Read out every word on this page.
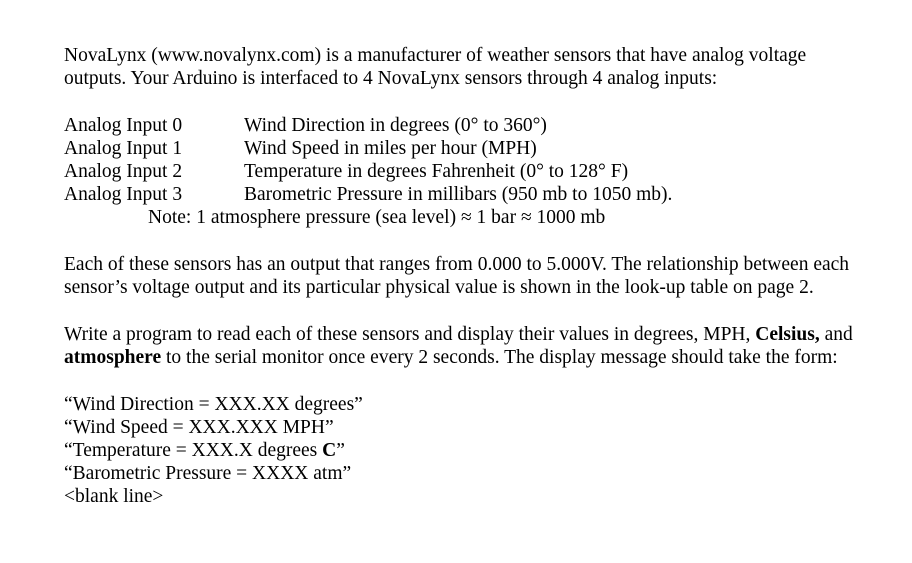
NovaLynx (www.novalynx.com) is a manufacturer of weather sensors that have analog voltage outputs. Your Arduino is interfaced to 4 NovaLynx sensors through 4 analog inputs:

Analog Input 0	Wind Direction in degrees (0° to 360°)
Analog Input 1	Wind Speed in miles per hour (MPH)
Analog Input 2	Temperature in degrees Fahrenheit (0° to 128° F)
Analog Input 3	Barometric Pressure in millibars (950 mb to 1050 mb).
Note: 1 atmosphere pressure (sea level) ≈ 1 bar ≈ 1000 mb

Each of these sensors has an output that ranges from 0.000 to 5.000V. The relationship between each sensor’s voltage output and its particular physical value is shown in the look-up table on page 2.

Write a program to read each of these sensors and display their values in degrees, MPH, Celsius, and atmosphere to the serial monitor once every 2 seconds. The display message should take the form:

“Wind Direction = XXX.XX degrees”
“Wind Speed = XXX.XXX MPH”
“Temperature = XXX.X degrees C”
“Barometric Pressure = XXXX atm”
<blank line>
